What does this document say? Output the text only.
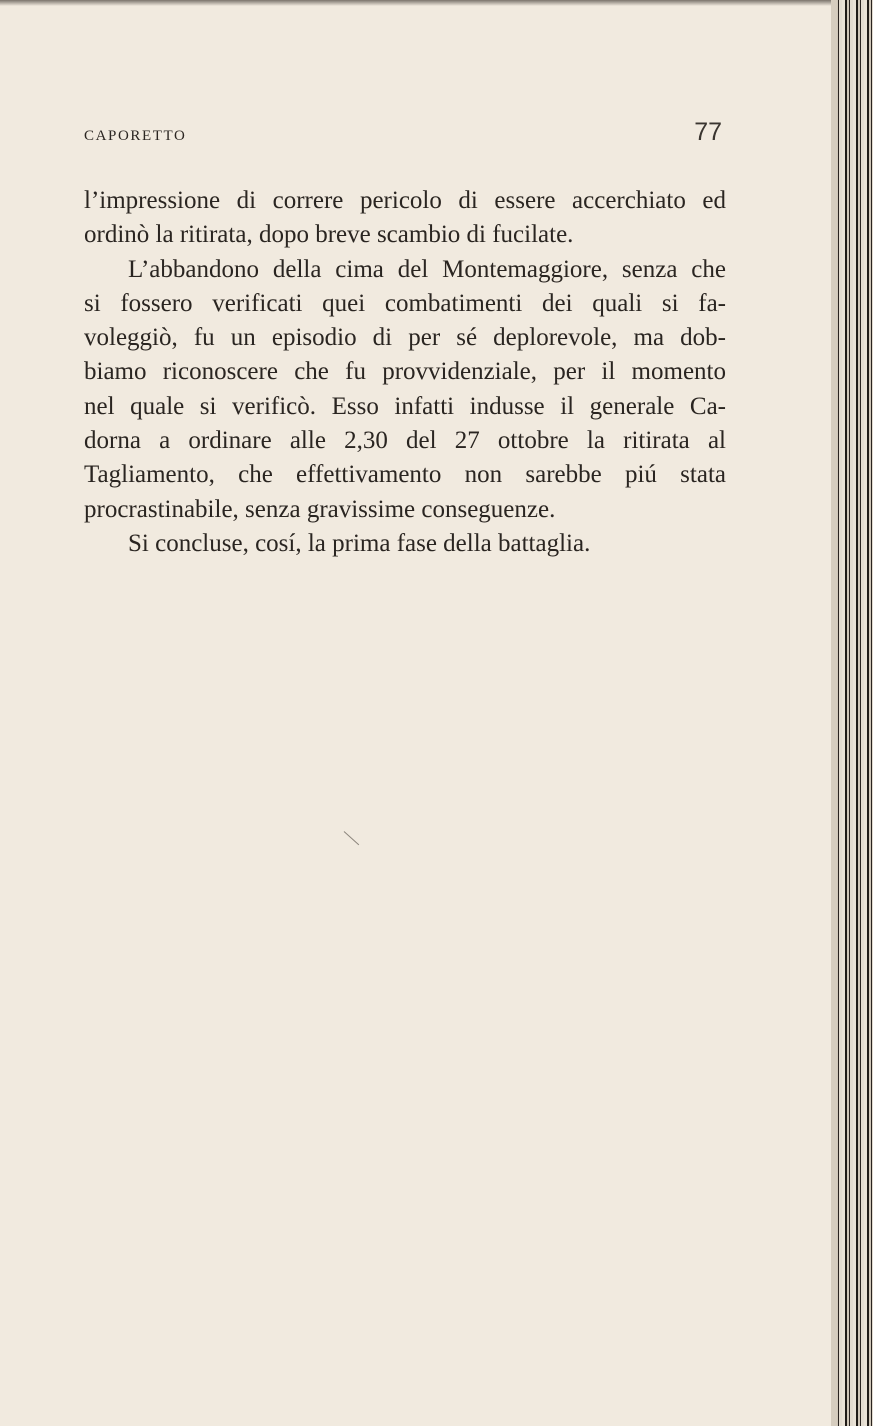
CAPORETTO	77
l’impressione di correre pericolo di essere accerchiato ed
ordinò la ritirata, dopo breve scambio di fucilate.
L’abbandono della cima del Montemaggiore, senza che
si fossero verificati quei combatimenti dei quali si fa-
voleggiò, fu un episodio di per sé deplorevole, ma dob-
biamo riconoscere che fu provvidenziale, per il momento
nel quale si verificò. Esso infatti indusse il generale Ca-
dorna a ordinare alle 2,30 del 27 ottobre la ritirata al
Tagliamento, che effettivamento non sarebbe piú stata
procrastinabile, senza gravissime conseguenze.
Si concluse, cosí, la prima fase della battaglia.
